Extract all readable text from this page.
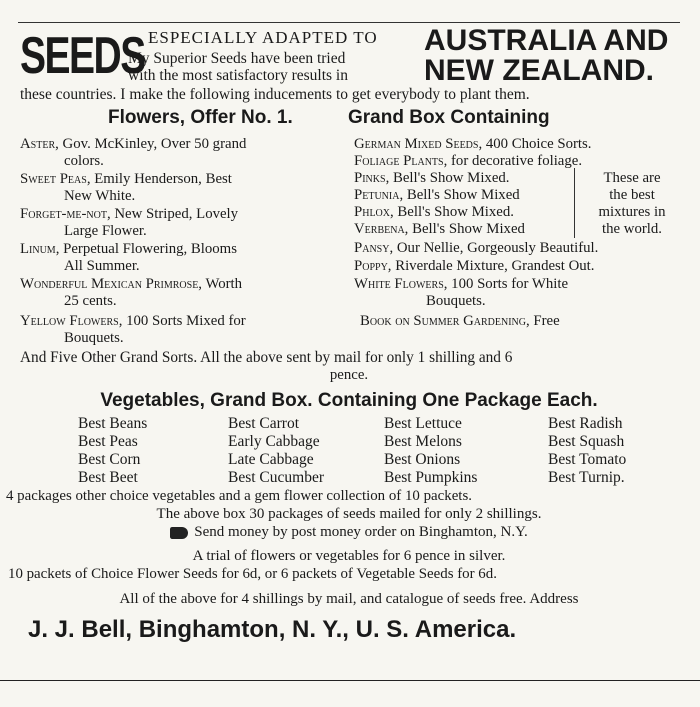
SEEDS ESPECIALLY ADAPTED TO
My Superior Seeds have been tried
with the most satisfactory results in
AUSTRALIA AND
NEW ZEALAND.
these countries. I make the following inducements to get everybody to plant them.
Flowers, Offer No. 1.	Grand Box Containing
Aster, Gov. McKinley, Over 50 grand
colors.
Sweet Peas, Emily Henderson, Best
New White.
Forget-me-not, New Striped, Lovely
Large Flower.
Linum, Perpetual Flowering, Blooms
All Summer.
Wonderful Mexican Primrose, Worth
25 cents.
Yellow Flowers, 100 Sorts Mixed for
Bouquets.
German Mixed Seeds, 400 Choice Sorts.
Foliage Plants, for decorative foliage.
Pinks, Bell's Show Mixed.
Petunia, Bell's Show Mixed
Phlox, Bell's Show Mixed.
Verbena, Bell's Show Mixed
Pansy, Our Nellie, Gorgeously Beautiful.
Poppy, Riverdale Mixture, Grandest Out.
White Flowers, 100 Sorts for White
Bouquets.
Book on Summer Gardening, Free
These are
the best
mixtures in
the world.
And Five Other Grand Sorts. All the above sent by mail for only 1 shilling and 6
pence.
Vegetables, Grand Box. Containing One Package Each.
Best Beans
Best Peas
Best Corn
Best Beet
Best Carrot
Early Cabbage
Late Cabbage
Best Cucumber
Best Lettuce
Best Melons
Best Onions
Best Pumpkins
Best Radish
Best Squash
Best Tomato
Best Turnip.
4 packages other choice vegetables and a gem flower collection of 10 packets.
The above box 30 packages of seeds mailed for only 2 shillings.
Send money by post money order on Binghamton, N.Y.
A trial of flowers or vegetables for 6 pence in silver.
10 packets of Choice Flower Seeds for 6d, or 6 packets of Vegetable Seeds for 6d.
All of the above for 4 shillings by mail, and catalogue of seeds free. Address
J. J. Bell, Binghamton, N. Y., U. S. America.
